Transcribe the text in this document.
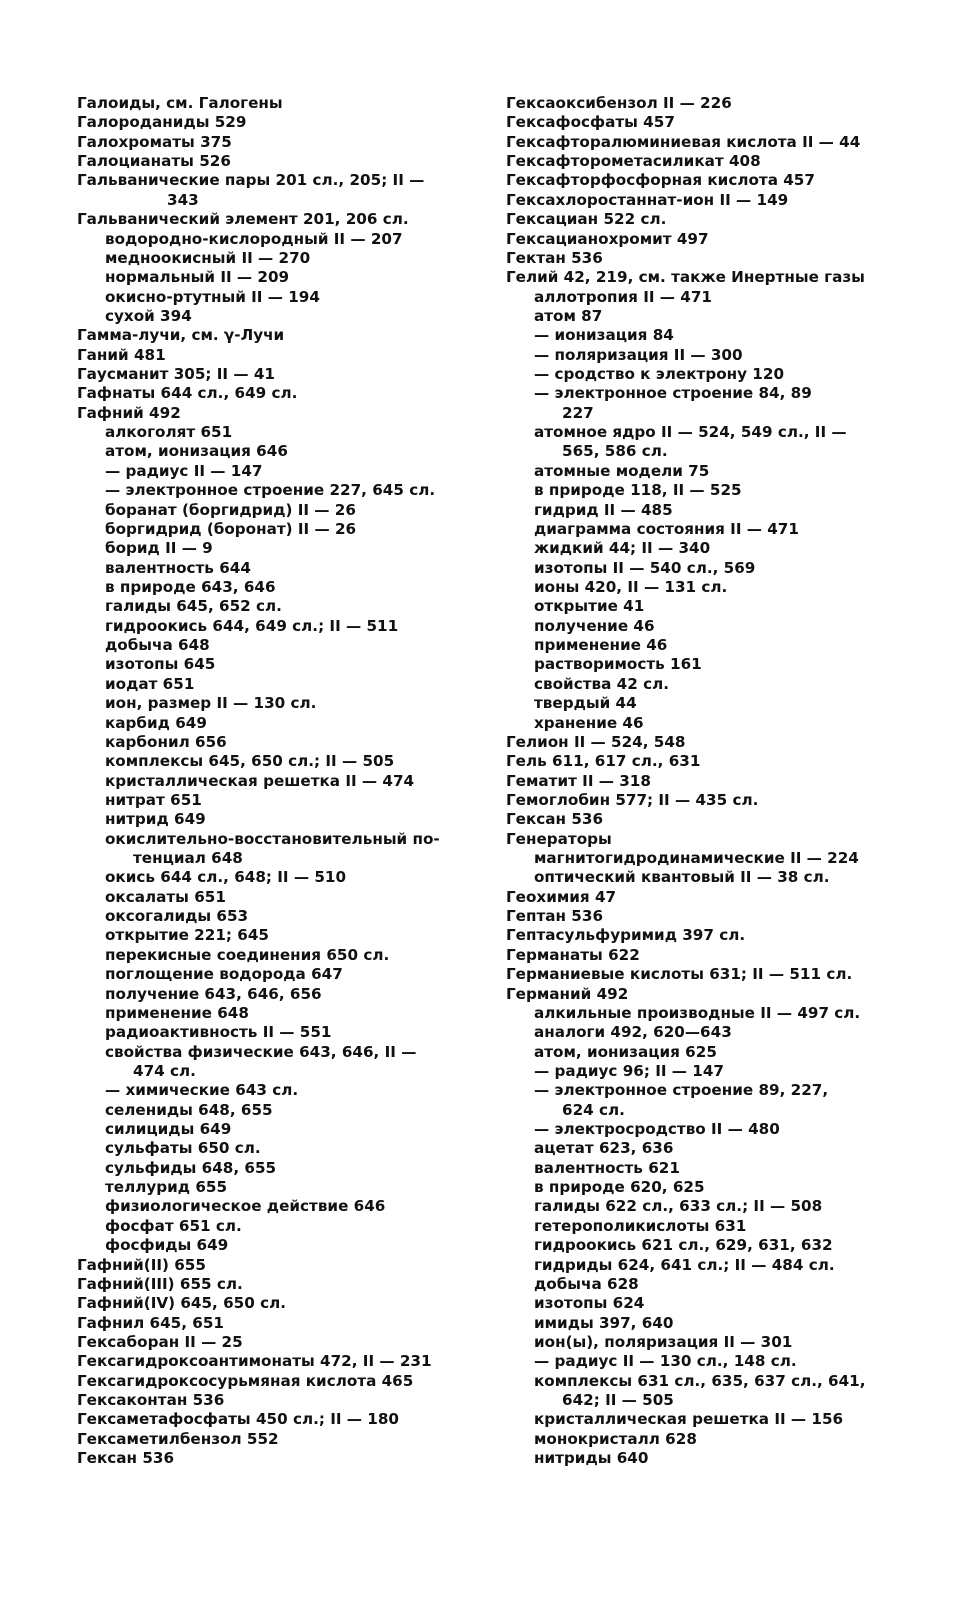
Галоиды, см. Галогены
Галороданиды 529
Галохроматы 375
Галоцианаты 526
Гальванические пары 201 сл., 205; II —
343
Гальванический элемент 201, 206 сл.
водородно-кислородный II — 207
медноокисный II — 270
нормальный II — 209
окисно-ртутный II — 194
сухой 394
Гамма-лучи, см. γ-Лучи
Ганий 481
Гаусманит 305; II — 41
Гафнаты 644 сл., 649 сл.
Гафний 492
алкоголят 651
атом, ионизация 646
— радиус II — 147
— электронное строение 227, 645 сл.
боранат (боргидрид) II — 26
боргидрид (боронат) II — 26
борид II — 9
валентность 644
в природе 643, 646
галиды 645, 652 сл.
гидроокись 644, 649 сл.; II — 511
добыча 648
изотопы 645
иодат 651
ион, размер II — 130 сл.
карбид 649
карбонил 656
комплексы 645, 650 сл.; II — 505
кристаллическая решетка II — 474
нитрат 651
нитрид 649
окислительно-восстановительный по-
тенциал 648
окись 644 сл., 648; II — 510
оксалаты 651
оксогалиды 653
открытие 221; 645
перекисные соединения 650 сл.
поглощение водорода 647
получение 643, 646, 656
применение 648
радиоактивность II — 551
свойства физические 643, 646, II —
474 сл.
— химические 643 сл.
селениды 648, 655
силициды 649
сульфаты 650 сл.
сульфиды 648, 655
теллурид 655
физиологическое действие 646
фосфат 651 сл.
фосфиды 649
Гафний(II) 655
Гафний(III) 655 сл.
Гафний(IV) 645, 650 сл.
Гафнил 645, 651
Гексаборан II — 25
Гексагидроксоантимонаты 472, II — 231
Гексагидроксосурьмяная кислота 465
Гексаконтан 536
Гексаметафосфаты 450 сл.; II — 180
Гексаметилбензол 552
Гексан 536
Гексаоксибензол II — 226
Гексафосфаты 457
Гексафторалюминиевая кислота II — 44
Гексафторометасиликат 408
Гексафторфосфорная кислота 457
Гексахлоростаннат-ион II — 149
Гексациан 522 сл.
Гексацианохромит 497
Гектан 536
Гелий 42, 219, см. также Инертные газы
аллотропия II — 471
атом 87
— ионизация 84
— поляризация II — 300
— сродство к электрону 120
— электронное строение 84, 89
227
атомное ядро II — 524, 549 сл., II —
565, 586 сл.
атомные модели 75
в природе 118, II — 525
гидрид II — 485
диаграмма состояния II — 471
жидкий 44; II — 340
изотопы II — 540 сл., 569
ионы 420, II — 131 сл.
открытие 41
получение 46
применение 46
растворимость 161
свойства 42 сл.
твердый 44
хранение 46
Гелион II — 524, 548
Гель 611, 617 сл., 631
Гематит II — 318
Гемоглобин 577; II — 435 сл.
Гексан 536
Генераторы
магнитогидродинамические II — 224
оптический квантовый II — 38 сл.
Геохимия 47
Гептан 536
Гептасульфуримид 397 сл.
Германаты 622
Германиевые кислоты 631; II — 511 сл.
Германий 492
алкильные производные II — 497 сл.
аналоги 492, 620—643
атом, ионизация 625
— радиус 96; II — 147
— электронное строение 89, 227,
624 сл.
— электросродство II — 480
ацетат 623, 636
валентность 621
в природе 620, 625
галиды 622 сл., 633 сл.; II — 508
гетерополикислоты 631
гидроокись 621 сл., 629, 631, 632
гидриды 624, 641 сл.; II — 484 сл.
добыча 628
изотопы 624
имиды 397, 640
ион(ы), поляризация II — 301
— радиус II — 130 сл., 148 сл.
комплексы 631 сл., 635, 637 сл., 641,
642; II — 505
кристаллическая решетка II — 156
монокристалл 628
нитриды 640
